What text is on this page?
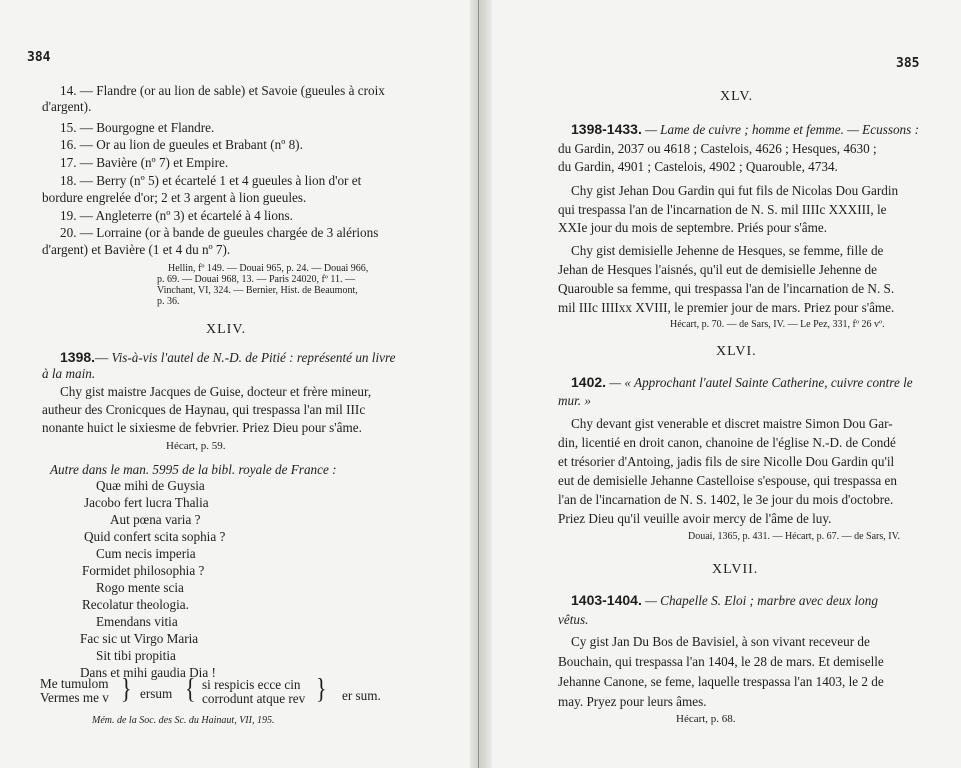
384
14. — Flandre (or au lion de sable) et Savoie (gueules à croix
d'argent).
15. — Bourgogne et Flandre.
16. — Or au lion de gueules et Brabant (nº 8).
17. — Bavière (nº 7) et Empire.
18. — Berry (nº 5) et écartelé 1 et 4 gueules à lion d'or et
bordure engrelée d'or; 2 et 3 argent à lion gueules.
19. — Angleterre (nº 3) et écartelé à 4 lions.
20. — Lorraine (or à bande de gueules chargée de 3 alérions
d'argent) et Bavière (1 et 4 du nº 7).
Hellin, fº 149. — Douai 965, p. 24. — Douai 966,
p. 69. — Douai 968, 13. — Paris 24020, fº 11. —
Vinchant, VI, 324. — Bernier, Hist. de Beaumont,
p. 36.
XLIV.
1398.— Vis-à-vis l'autel de N.-D. de Pitié : représenté un livre
à la main.
Chy gist maistre Jacques de Guise, docteur et frère mineur,
autheur des Cronicques de Haynau, qui trespassa l'an mil IIIc
nonante huict le sixiesme de febvrier. Priez Dieu pour s'âme.
Hécart, p. 59.
Autre dans le man. 5995 de la bibl. royale de France :
Quæ mihi de Guysia
Jacobo fert lucra Thalia
Aut pœna varia ?
Quid confert scita sophia ?
Cum necis imperia
Formidet philosophia ?
Rogo mente scia
Recolatur theologia.
Emendans vitia
Fac sic ut Virgo Maria
Sit tibi propitia
Dans et mihi gaudia Dia !
Me tumulom
Vermes me v } ersum { si respicis ecce cin
corrodunt atque rev } er sum.
Mém. de la Soc. des Sc. du Hainaut, VII, 195.
385
XLV.
1398-1433. — Lame de cuivre ; homme et femme. — Ecussons :
du Gardin, 2037 ou 4618 ; Castelois, 4626 ; Hesques, 4630 ;
du Gardin, 4901 ; Castelois, 4902 ; Quarouble, 4734.
Chy gist Jehan Dou Gardin qui fut fils de Nicolas Dou Gardin
qui trespassa l'an de l'incarnation de N. S. mil IIIIc XXXIII, le
XXIe jour du mois de septembre. Priés pour s'âme.
Chy gist demisielle Jehenne de Hesques, se femme, fille de
Jehan de Hesques l'aisnés, qu'il eut de demisielle Jehenne de
Quarouble sa femme, qui trespassa l'an de l'incarnation de N. S.
mil IIIc IIIIxx XVIII, le premier jour de mars. Priez pour s'âme.
Hécart, p. 70. — de Sars, IV. — Le Pez, 331, fº 26 vº.
XLVI.
1402. — « Approchant l'autel Sainte Catherine, cuivre contre le
mur. »
Chy devant gist venerable et discret maistre Simon Dou Gar-
din, licentié en droit canon, chanoine de l'église N.-D. de Condé
et trésorier d'Antoing, jadis fils de sire Nicolle Dou Gardin qu'il
eut de demisielle Jehanne Castelloise s'espouse, qui trespassa en
l'an de l'incarnation de N. S. 1402, le 3e jour du mois d'octobre.
Priez Dieu qu'il veuille avoir mercy de l'âme de luy.
Douai, 1365, p. 431. — Hécart, p. 67. — de Sars, IV.
XLVII.
1403-1404. — Chapelle S. Eloi ; marbre avec deux long
vêtus.
Cy gist Jan Du Bos de Bavisiel, à son vivant receveur de
Bouchain, qui trespassa l'an 1404, le 28 de mars. Et demiselle
Jehanne Canone, se feme, laquelle trespassa l'an 1403, le 2 de
may. Pryez pour leurs âmes.
Hécart, p. 68.
